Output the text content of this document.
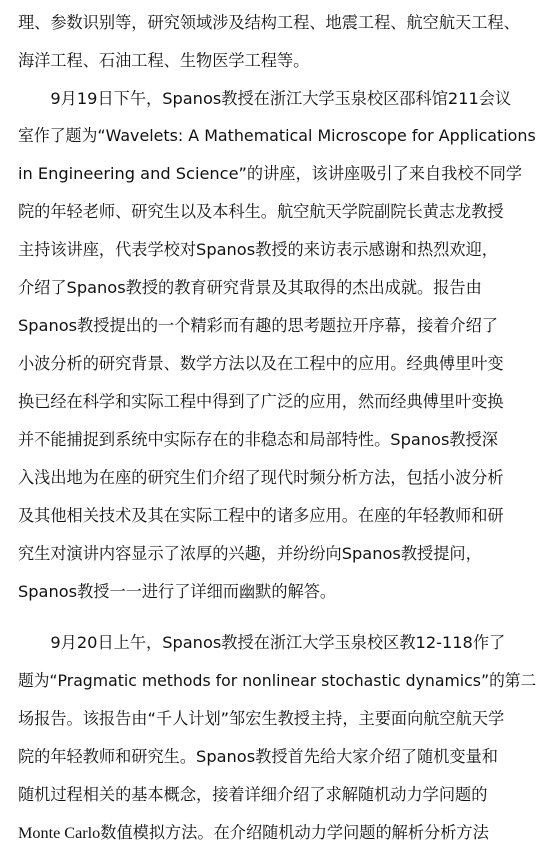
理、参数识别等，研究领域涉及结构工程、地震工程、航空航天工程、
海洋工程、石油工程、生物医学工程等。
　　9月19日下午，Spanos教授在浙江大学玉泉校区邵科馆211会议
室作了题为“Wavelets: A Mathematical Microscope for Applications
in Engineering and Science”的讲座，该讲座吸引了来自我校不同学
院的年轻老师、研究生以及本科生。航空航天学院副院长黄志龙教授
主持该讲座，代表学校对Spanos教授的来访表示感谢和热烈欢迎，
介绍了Spanos教授的教育研究背景及其取得的杰出成就。报告由
Spanos教授提出的一个精彩而有趣的思考题拉开序幕，接着介绍了
小波分析的研究背景、数学方法以及在工程中的应用。经典傅里叶变
换已经在科学和实际工程中得到了广泛的应用，然而经典傅里叶变换
并不能捕捉到系统中实际存在的非稳态和局部特性。Spanos教授深
入浅出地为在座的研究生们介绍了现代时频分析方法，包括小波分析
及其他相关技术及其在实际工程中的诸多应用。在座的年轻教师和研
究生对演讲内容显示了浓厚的兴趣，并纷纷向Spanos教授提问，
Spanos教授一一进行了详细而幽默的解答。
　　9月20日上午，Spanos教授在浙江大学玉泉校区教12-118作了
题为“Pragmatic methods for nonlinear stochastic dynamics”的第二
场报告。该报告由“千人计划”邹宏生教授主持，主要面向航空航天学
院的年轻教师和研究生。Spanos教授首先给大家介绍了随机变量和
随机过程相关的基本概念，接着详细介绍了求解随机动力学问题的
Monte Carlo数值模拟方法。在介绍随机动力学问题的解析分析方法
